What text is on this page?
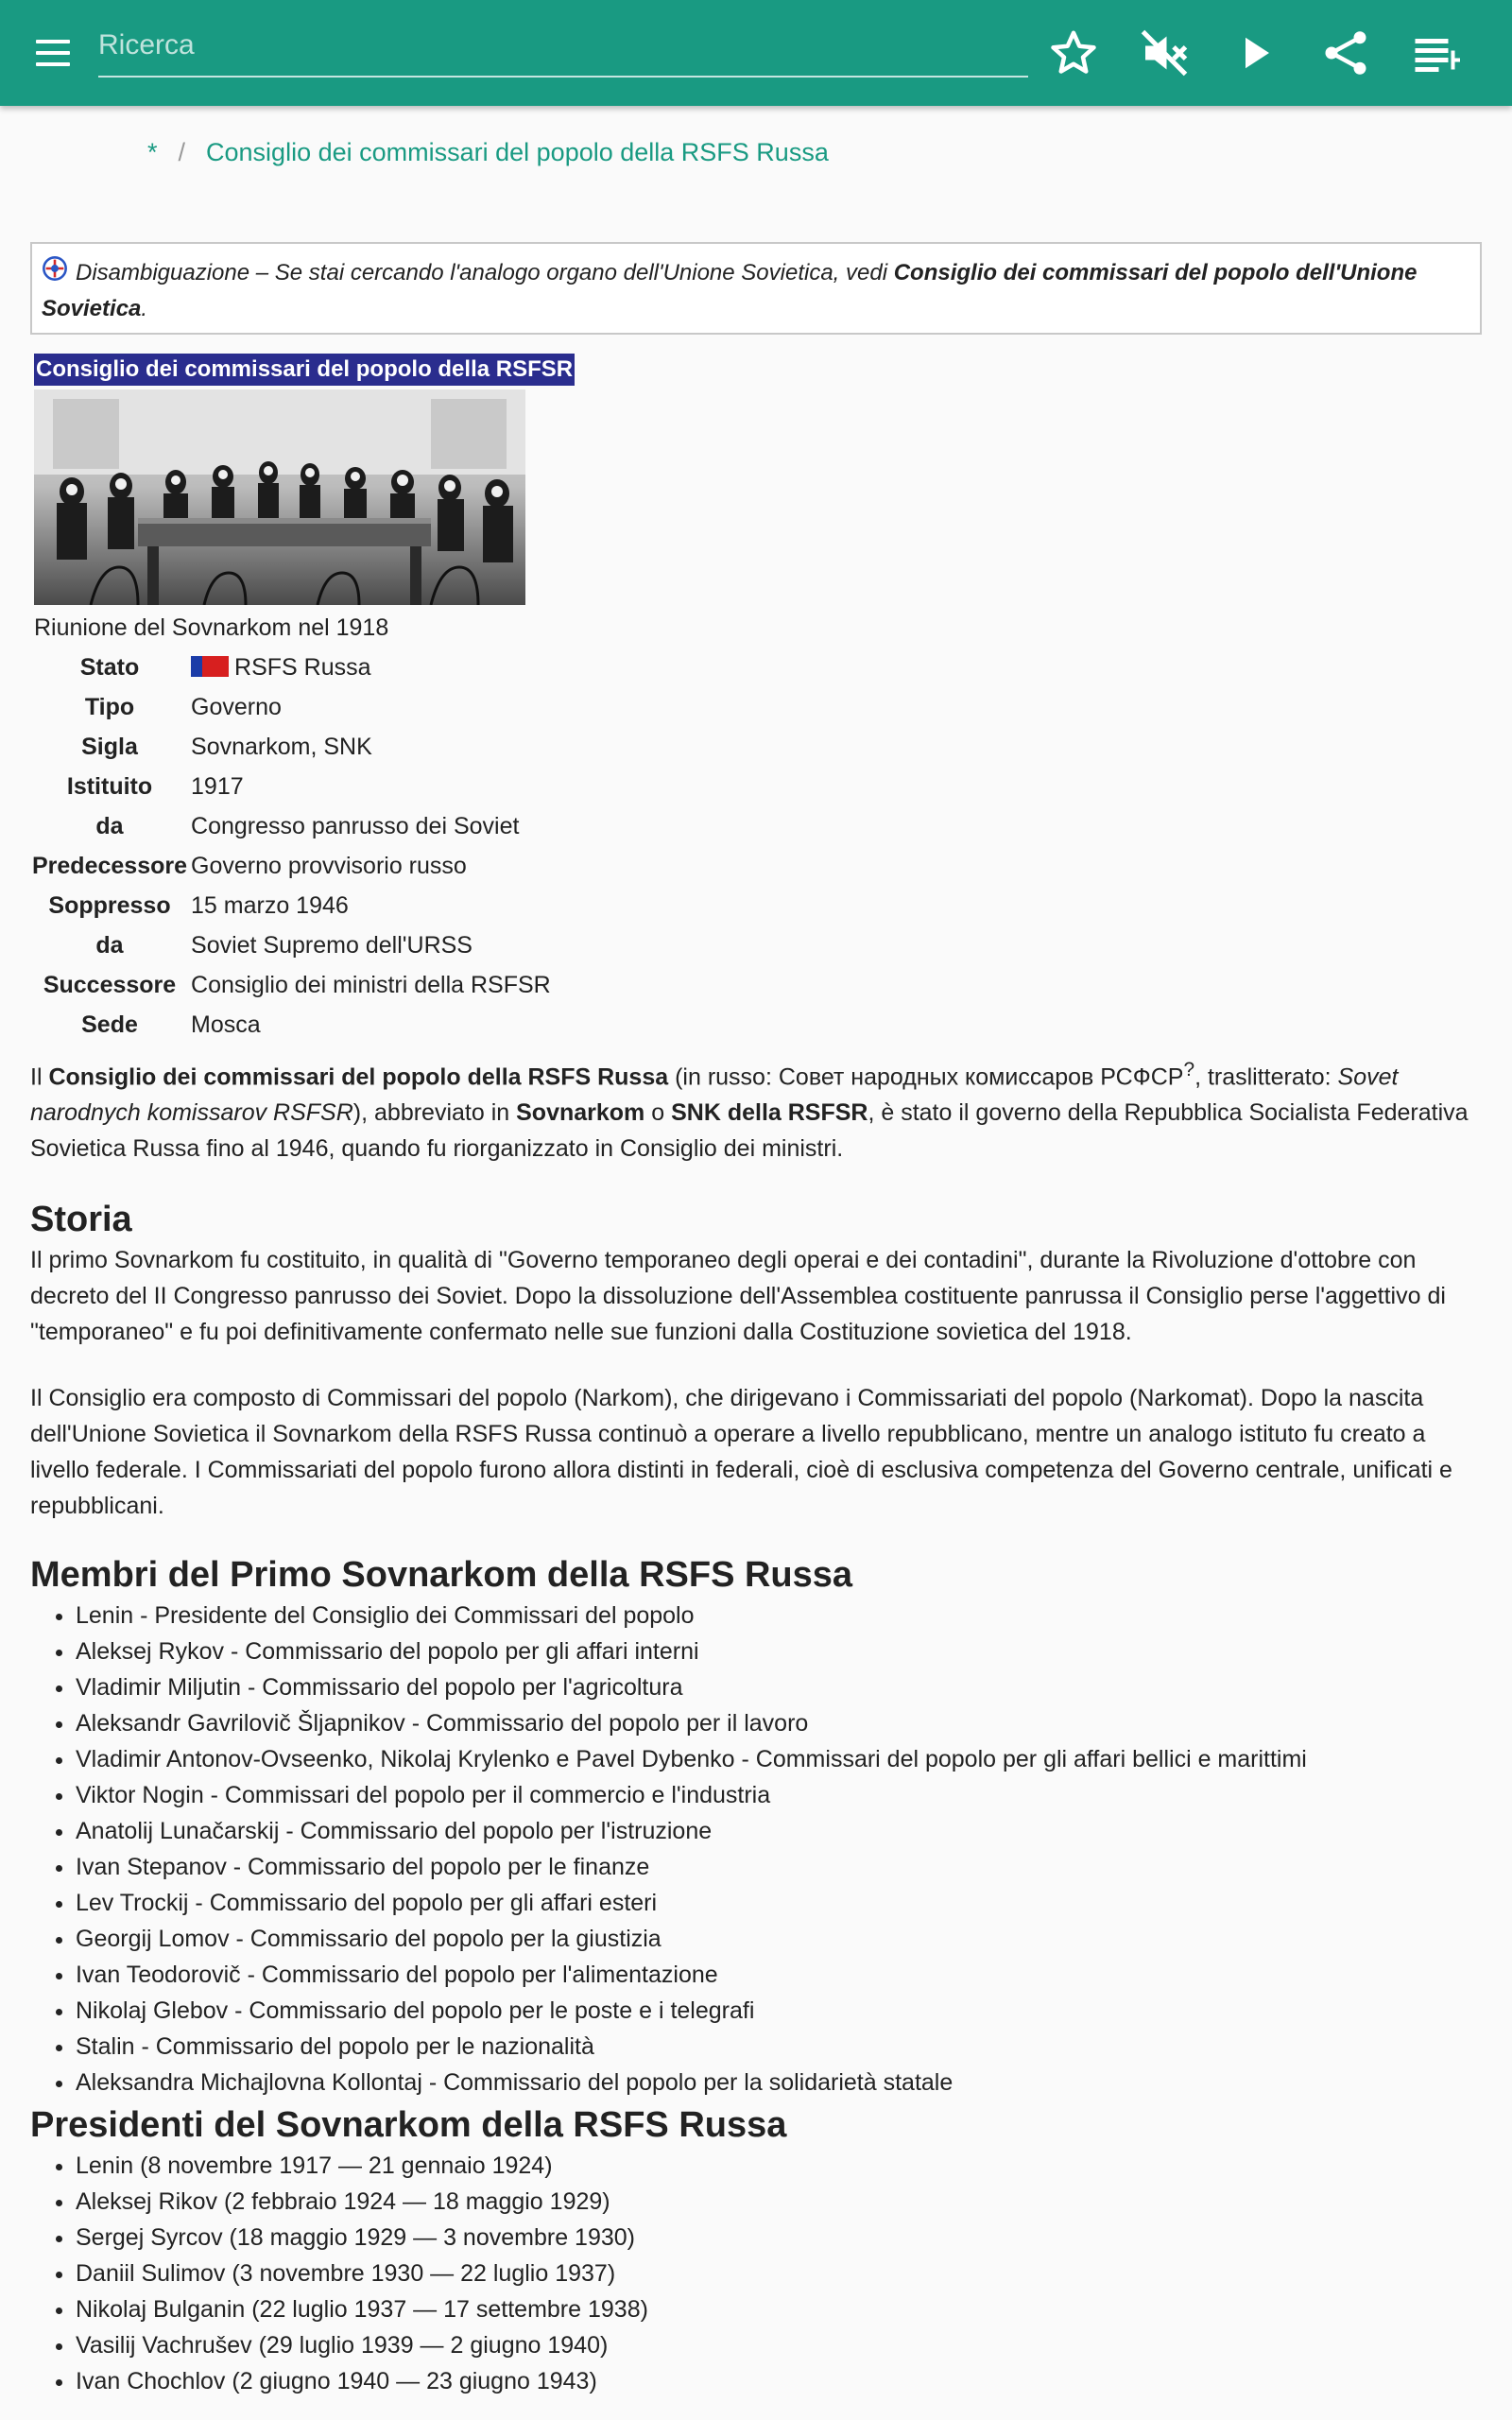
Ricerca
* / Consiglio dei commissari del popolo della RSFS Russa
Disambiguazione – Se stai cercando l'analogo organo dell'Unione Sovietica, vedi Consiglio dei commissari del popolo dell'Unione Sovietica.
Consiglio dei commissari del popolo della RSFSR
Riunione del Sovnarkom nel 1918
Stato	RSFS Russa
Tipo	Governo
Sigla	Sovnarkom, SNK
Istituito	1917
da	Congresso panrusso dei Soviet
Predecessore	Governo provvisorio russo
Soppresso	15 marzo 1946
da	Soviet Supremo dell'URSS
Successore	Consiglio dei ministri della RSFSR
Sede	Mosca
Il Consiglio dei commissari del popolo della RSFS Russa (in russo: Совет народных комиссаров РСФСР?, traslitterato: Sovet narodnych komissarov RSFSR), abbreviato in Sovnarkom o SNK della RSFSR, è stato il governo della Repubblica Socialista Federativa Sovietica Russa fino al 1946, quando fu riorganizzato in Consiglio dei ministri.
Storia

Il primo Sovnarkom fu costituito, in qualità di "Governo temporaneo degli operai e dei contadini", durante la Rivoluzione d'ottobre con decreto del II Congresso panrusso dei Soviet. Dopo la dissoluzione dell'Assemblea costituente panrussa il Consiglio perse l'aggettivo di "temporaneo" e fu poi definitivamente confermato nelle sue funzioni dalla Costituzione sovietica del 1918.

Il Consiglio era composto di Commissari del popolo (Narkom), che dirigevano i Commissariati del popolo (Narkomat). Dopo la nascita dell'Unione Sovietica il Sovnarkom della RSFS Russa continuò a operare a livello repubblicano, mentre un analogo istituto fu creato a livello federale. I Commissariati del popolo furono allora distinti in federali, cioè di esclusiva competenza del Governo centrale, unificati e repubblicani.

Membri del Primo Sovnarkom della RSFS Russa
• Lenin - Presidente del Consiglio dei Commissari del popolo
• Aleksej Rykov - Commissario del popolo per gli affari interni
• Vladimir Miljutin - Commissario del popolo per l'agricoltura
• Aleksandr Gavrilovič Šljapnikov - Commissario del popolo per il lavoro
• Vladimir Antonov-Ovseenko, Nikolaj Krylenko e Pavel Dybenko - Commissari del popolo per gli affari bellici e marittimi
• Viktor Nogin - Commissari del popolo per il commercio e l'industria
• Anatolij Lunačarskij - Commissario del popolo per l'istruzione
• Ivan Stepanov - Commissario del popolo per le finanze
• Lev Trockij - Commissario del popolo per gli affari esteri
• Georgij Lomov - Commissario del popolo per la giustizia
• Ivan Teodorovič - Commissario del popolo per l'alimentazione
• Nikolaj Glebov - Commissario del popolo per le poste e i telegrafi
• Stalin - Commissario del popolo per le nazionalità
• Aleksandra Michajlovna Kollontaj - Commissario del popolo per la solidarietà statale
Presidenti del Sovnarkom della RSFS Russa
• Lenin (8 novembre 1917 — 21 gennaio 1924)
• Aleksej Rikov (2 febbraio 1924 — 18 maggio 1929)
• Sergej Syrcov (18 maggio 1929 — 3 novembre 1930)
• Daniil Sulimov (3 novembre 1930 — 22 luglio 1937)
• Nikolaj Bulganin (22 luglio 1937 — 17 settembre 1938)
• Vasilij Vachrušev (29 luglio 1939 — 2 giugno 1940)
• Ivan Chochlov (2 giugno 1940 — 23 giugno 1943)
